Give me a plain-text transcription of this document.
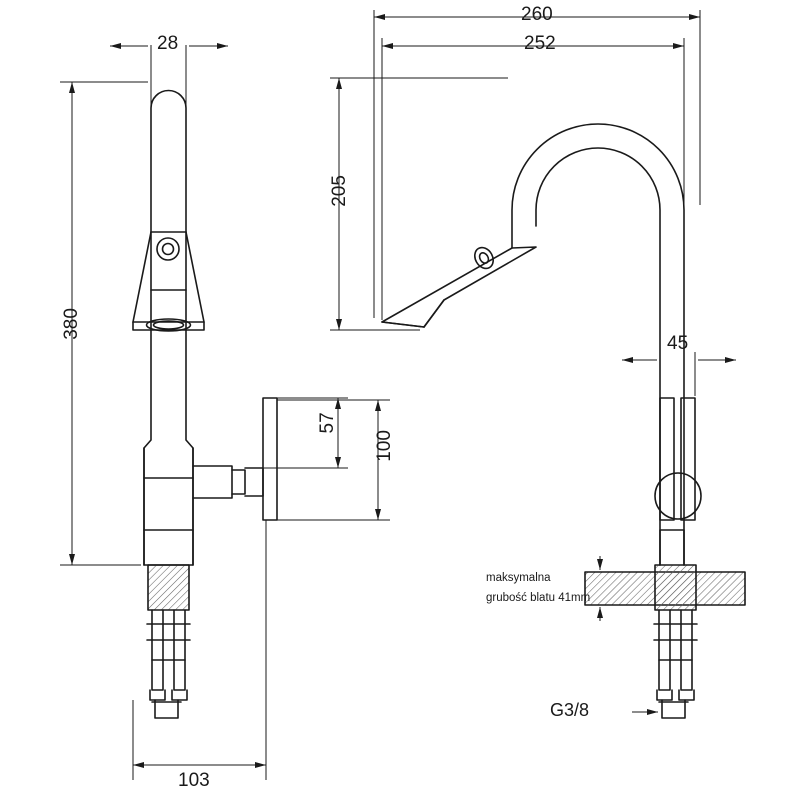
28
380
103
260
252
205
45
57
100
G3/8
maksymalna
grubość blatu 41mm
